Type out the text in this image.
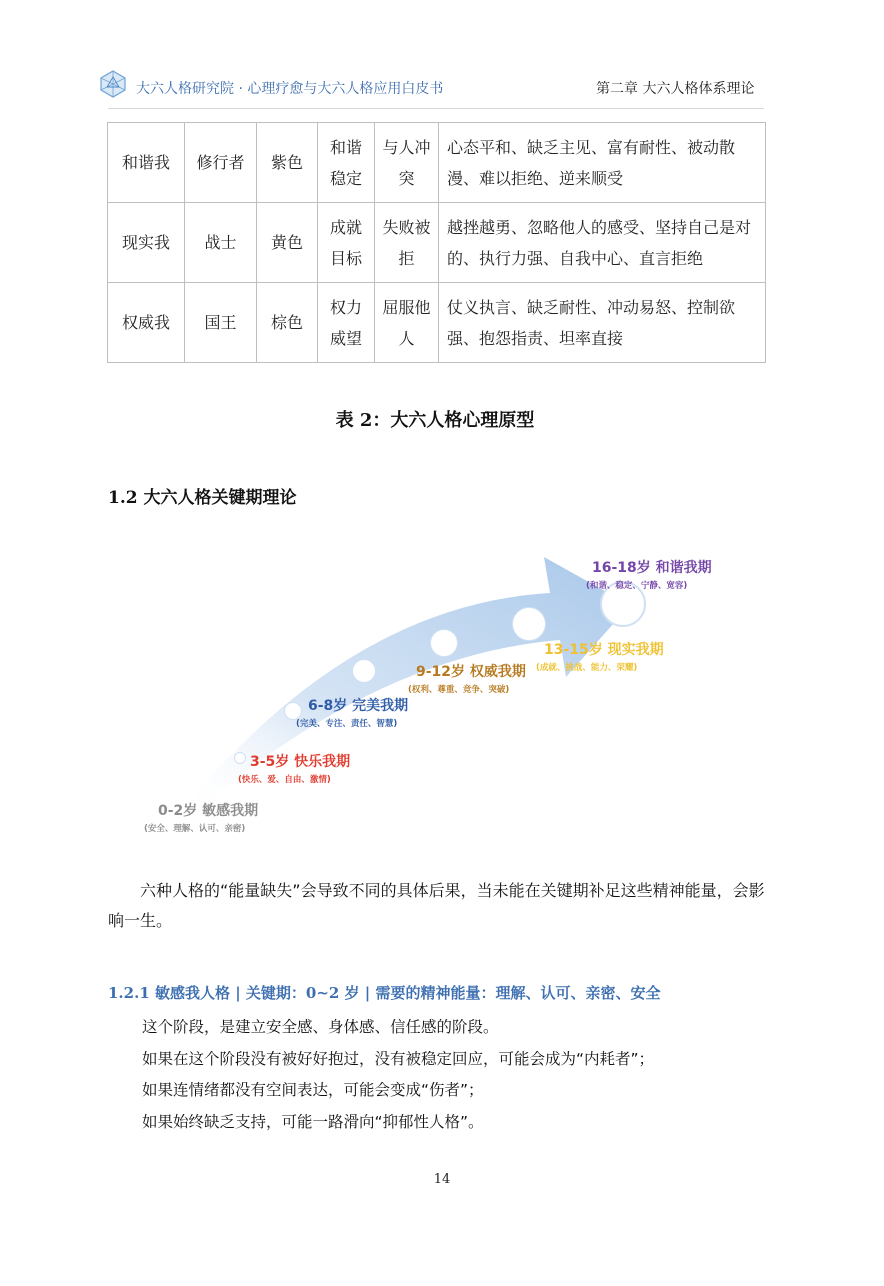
大六人格研究院 · 心理疗愈与大六人格应用白皮书	第二章 大六人格体系理论
和谐我	修行者	紫色	和谐稳定	与人冲突	心态平和、缺乏主见、富有耐性、被动散漫、难以拒绝、逆来顺受
现实我	战士	黄色	成就目标	失败被拒	越挫越勇、忽略他人的感受、坚持自己是对的、执行力强、自我中心、直言拒绝
权威我	国王	棕色	权力威望	屈服他人	仗义执言、缺乏耐性、冲动易怒、控制欲强、抱怨指责、坦率直接
表 2：大六人格心理原型
1.2 大六人格关键期理论
0-2岁 敏感我期
(安全、理解、认可、亲密)
3-5岁 快乐我期
(快乐、爱、自由、激情)
6-8岁 完美我期
(完美、专注、责任、智慧)
9-12岁 权威我期
(权利、尊重、竞争、突破)
13-15岁 现实我期
(成就、挑战、能力、荣耀)
16-18岁 和谐我期
(和谐、稳定、宁静、宽容)
六种人格的“能量缺失”会导致不同的具体后果，当未能在关键期补足这些精神能量，会影响一生。
1.2.1 敏感我人格 | 关键期：0~2 岁 | 需要的精神能量：理解、认可、亲密、安全
这个阶段，是建立安全感、身体感、信任感的阶段。
如果在这个阶段没有被好好抱过，没有被稳定回应，可能会成为“内耗者”；
如果连情绪都没有空间表达，可能会变成“伤者”；
如果始终缺乏支持，可能一路滑向“抑郁性人格”。
14
